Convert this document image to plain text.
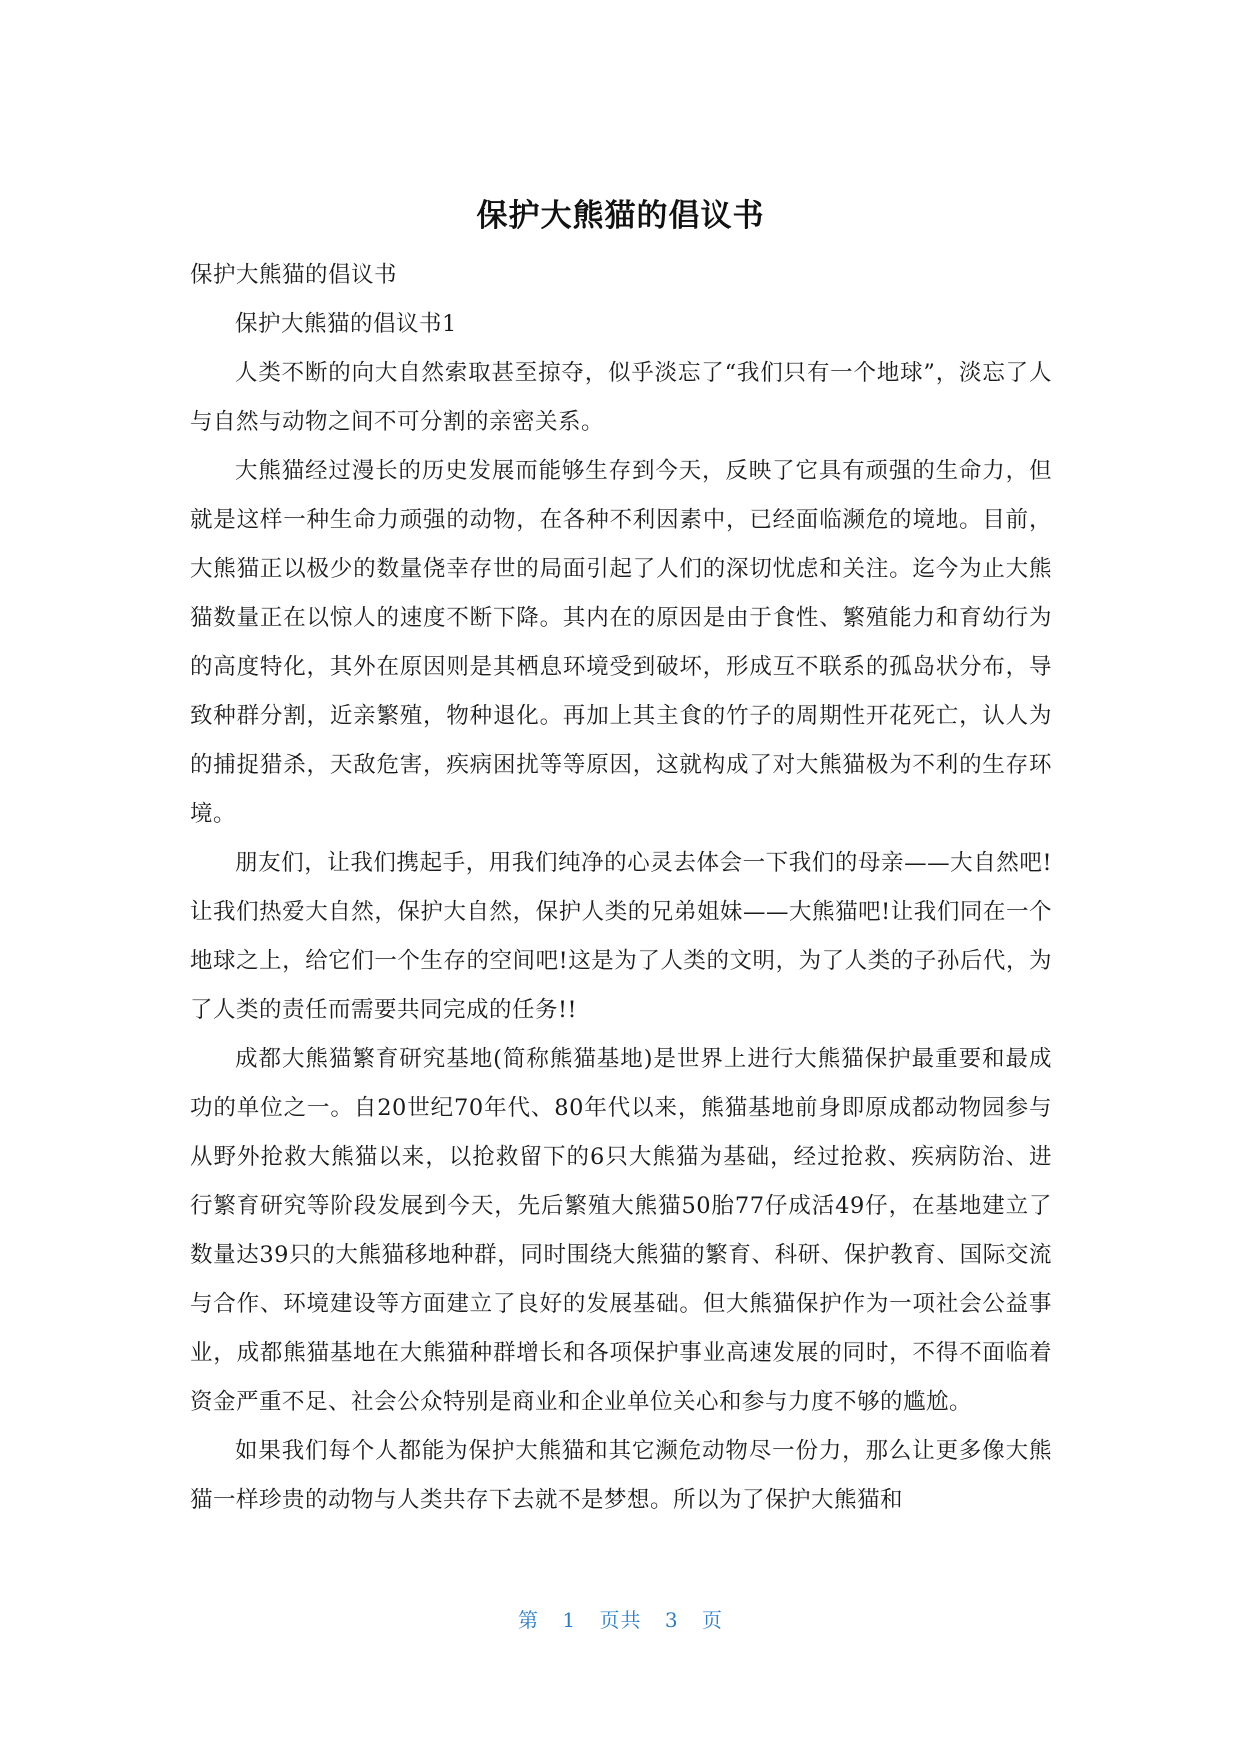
保护大熊猫的倡议书

保护大熊猫的倡议书

保护大熊猫的倡议书1

人类不断的向大自然索取甚至掠夺，似乎淡忘了“我们只有一个地球”，淡忘了人与自然与动物之间不可分割的亲密关系。

大熊猫经过漫长的历史发展而能够生存到今天，反映了它具有顽强的生命力，但就是这样一种生命力顽强的动物，在各种不利因素中，已经面临濒危的境地。目前，大熊猫正以极少的数量侥幸存世的局面引起了人们的深切忧虑和关注。迄今为止大熊猫数量正在以惊人的速度不断下降。其内在的原因是由于食性、繁殖能力和育幼行为的高度特化，其外在原因则是其栖息环境受到破坏，形成互不联系的孤岛状分布，导致种群分割，近亲繁殖，物种退化。再加上其主食的竹子的周期性开花死亡，认人为的捕捉猎杀，天敌危害，疾病困扰等等原因，这就构成了对大熊猫极为不利的生存环境。

朋友们，让我们携起手，用我们纯净的心灵去体会一下我们的母亲——大自然吧!让我们热爱大自然，保护大自然，保护人类的兄弟姐妹——大熊猫吧!让我们同在一个地球之上，给它们一个生存的空间吧!这是为了人类的文明，为了人类的子孙后代，为了人类的责任而需要共同完成的任务!!

成都大熊猫繁育研究基地(简称熊猫基地)是世界上进行大熊猫保护最重要和最成功的单位之一。自20世纪70年代、80年代以来，熊猫基地前身即原成都动物园参与从野外抢救大熊猫以来，以抢救留下的6只大熊猫为基础，经过抢救、疾病防治、进行繁育研究等阶段发展到今天，先后繁殖大熊猫50胎77仔成活49仔，在基地建立了数量达39只的大熊猫移地种群，同时围绕大熊猫的繁育、科研、保护教育、国际交流与合作、环境建设等方面建立了良好的发展基础。但大熊猫保护作为一项社会公益事业，成都熊猫基地在大熊猫种群增长和各项保护事业高速发展的同时，不得不面临着资金严重不足、社会公众特别是商业和企业单位关心和参与力度不够的尴尬。

如果我们每个人都能为保护大熊猫和其它濒危动物尽一份力，那么让更多像大熊猫一样珍贵的动物与人类共存下去就不是梦想。所以为了保护大熊猫和

第 1 页共 3 页
